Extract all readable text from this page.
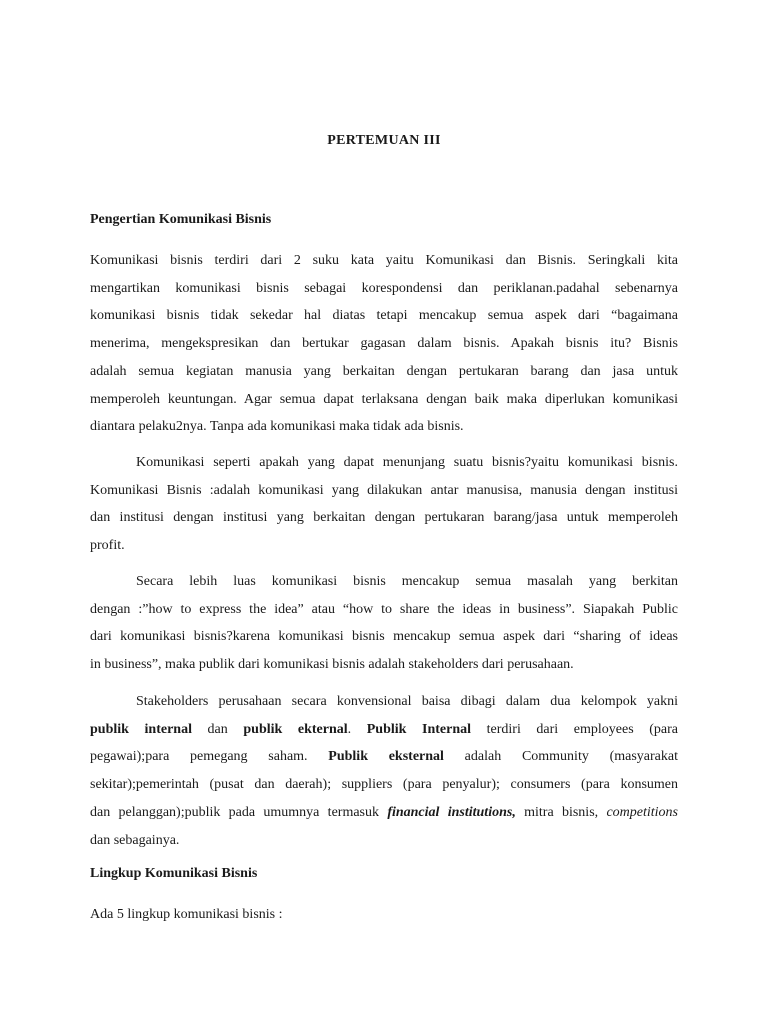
PERTEMUAN III
Pengertian Komunikasi Bisnis
Komunikasi bisnis terdiri dari 2 suku kata yaitu Komunikasi dan Bisnis. Seringkali kita
mengartikan komunikasi bisnis sebagai korespondensi dan periklanan.padahal sebenarnya
komunikasi bisnis tidak sekedar hal diatas tetapi mencakup semua aspek dari “bagaimana
menerima, mengekspresikan dan bertukar gagasan dalam bisnis. Apakah bisnis itu? Bisnis
adalah semua kegiatan manusia yang berkaitan dengan pertukaran barang dan jasa untuk
memperoleh keuntungan. Agar semua dapat terlaksana dengan baik maka diperlukan komunikasi
diantara pelaku2nya. Tanpa ada komunikasi maka tidak ada bisnis.
Komunikasi seperti apakah yang dapat menunjang suatu bisnis?yaitu komunikasi bisnis.
Komunikasi Bisnis :adalah komunikasi yang dilakukan antar manusisa, manusia dengan institusi
dan institusi dengan institusi yang berkaitan dengan pertukaran barang/jasa untuk memperoleh
profit.
Secara lebih luas komunikasi bisnis mencakup semua masalah yang berkitan
dengan :”how to express the idea” atau “how to share the ideas in business”. Siapakah Public
dari komunikasi bisnis?karena komunikasi bisnis mencakup semua aspek dari “sharing of ideas
in business”, maka publik dari komunikasi bisnis adalah stakeholders dari perusahaan.
Stakeholders perusahaan secara konvensional baisa dibagi dalam dua kelompok yakni
publik internal dan publik ekternal. Publik Internal terdiri dari employees (para
pegawai);para pemegang saham. Publik eksternal adalah Community (masyarakat
sekitar);pemerintah (pusat dan daerah); suppliers (para penyalur); consumers (para konsumen
dan pelanggan);publik pada umumnya termasuk financial institutions, mitra bisnis, competitions
dan sebagainya.
Lingkup Komunikasi Bisnis
Ada 5 lingkup komunikasi bisnis :
